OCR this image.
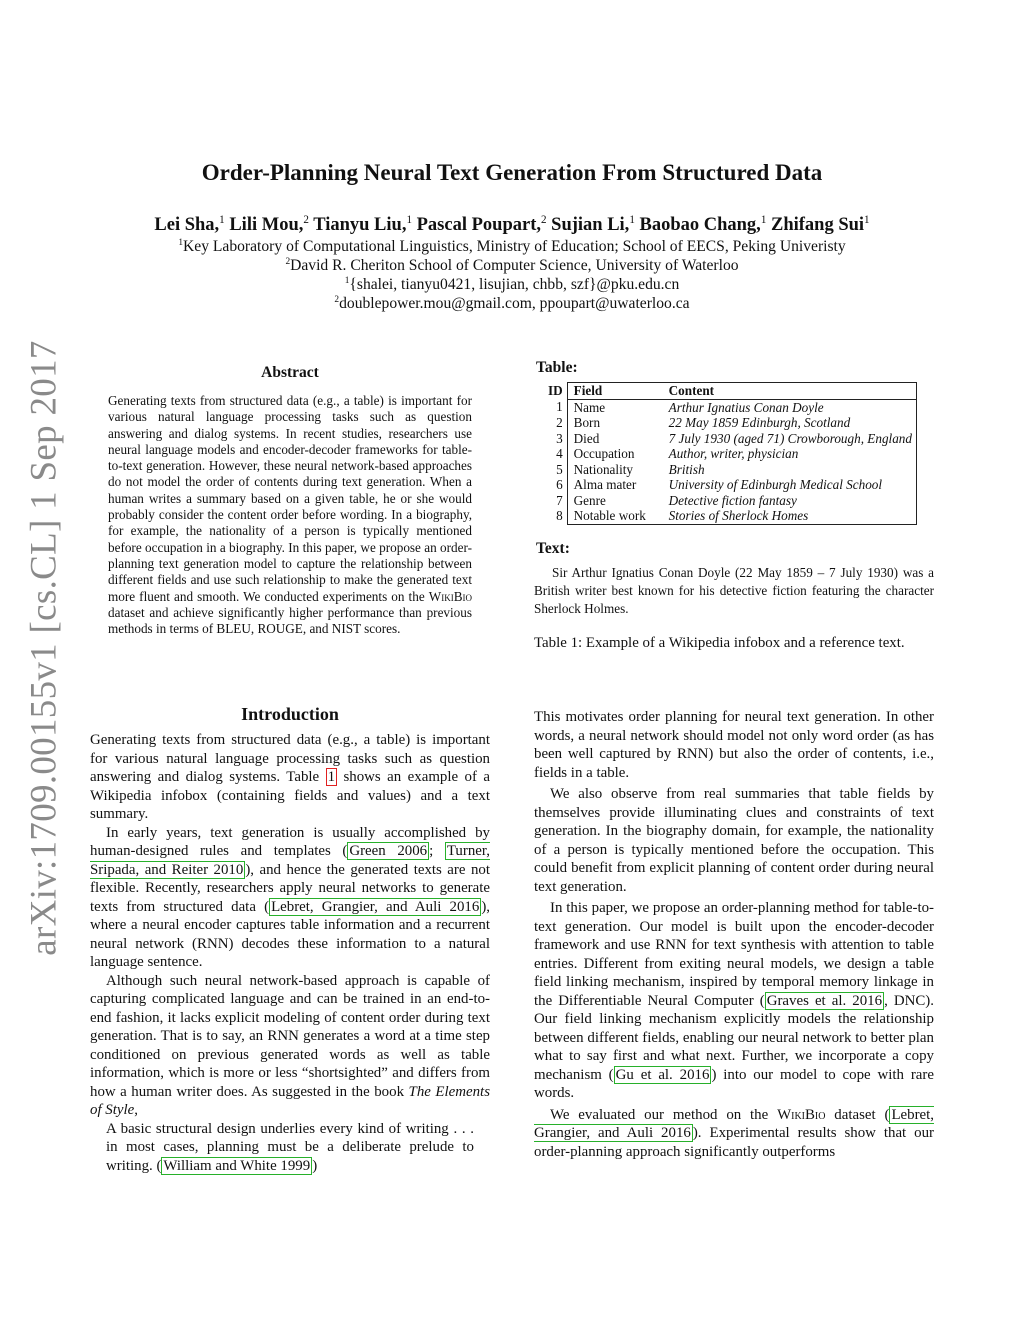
arXiv:1709.00155v1 [cs.CL] 1 Sep 2017
Order-Planning Neural Text Generation From Structured Data
Lei Sha,$^1$ Lili Mou,$^2$ Tianyu Liu,$^1$ Pascal Poupart,$^2$ Sujian Li,$^1$ Baobao Chang,$^1$ Zhifang Sui$^1$
$^1$Key Laboratory of Computational Linguistics, Ministry of Education; School of EECS, Peking Univeristy
$^2$David R. Cheriton School of Computer Science, University of Waterloo
$^1${shalei, tianyu0421, lisujian, chbb, szf}@pku.edu.cn
$^2$doublepower.mou@gmail.com, ppoupart@uwaterloo.ca
Abstract
Generating texts from structured data (e.g., a table) is important for various natural language processing tasks such as question answering and dialog systems. In recent studies, researchers use neural language models and encoder-decoder frameworks for table-to-text generation. However, these neural network-based approaches do not model the order of contents during text generation. When a human writes a summary based on a given table, he or she would probably consider the content order before wording. In a biography, for example, the nationality of a person is typically mentioned before occupation in a biography. In this paper, we propose an order-planning text generation model to capture the relationship between different fields and use such relationship to make the generated text more fluent and smooth. We conducted experiments on the WikiBio dataset and achieve significantly higher performance than previous methods in terms of BLEU, ROUGE, and NIST scores.
Introduction

Generating texts from structured data (e.g., a table) is important for various natural language processing tasks such as question answering and dialog systems. Table 1 shows an example of a Wikipedia infobox (containing fields and values) and a text summary.

In early years, text generation is usually accomplished by human-designed rules and templates ( Green 2006 ; Turner, Sripada, and Reiter 2010 ), and hence the generated texts are not flexible. Recently, researchers apply neural networks to generate texts from structured data ( Lebret, Grangier, and Auli 2016 ), where a neural encoder captures table information and a recurrent neural network (RNN) decodes these information to a natural language sentence.

Although such neural network-based approach is capable of capturing complicated language and can be trained in an end-to-end fashion, it lacks explicit modeling of content order during text generation. That is to say, an RNN generates a word at a time step conditioned on previous generated words as well as table information, which is more or less “shortsighted” and differs from how a human writer does. As suggested in the book The Elements of Style,

A basic structural design underlies every kind of writing . . . in most cases, planning must be a deliberate prelude to writing. ( William and White 1999 )

Table:
ID	Field	Content
1	Name	Arthur Ignatius Conan Doyle
2	Born	22 May 1859 Edinburgh, Scotland
3	Died	7 July 1930 (aged 71) Crowborough, England
4	Occupation	Author, writer, physician
5	Nationality	British
6	Alma mater	University of Edinburgh Medical School
7	Genre	Detective fiction fantasy
8	Notable work	Stories of Sherlock Homes
Text:
Sir Arthur Ignatius Conan Doyle (22 May 1859 – 7 July 1930) was a British writer best known for his detective fiction featuring the character Sherlock Holmes.
Table 1: Example of a Wikipedia infobox and a reference text.

This motivates order planning for neural text generation. In other words, a neural network should model not only word order (as has been well captured by RNN) but also the order of contents, i.e., fields in a table.

We also observe from real summaries that table fields by themselves provide illuminating clues and constraints of text generation. In the biography domain, for example, the nationality of a person is typically mentioned before the occupation. This could benefit from explicit planning of content order during neural text generation.

In this paper, we propose an order-planning method for table-to-text generation. Our model is built upon the encoder-decoder framework and use RNN for text synthesis with attention to table entries. Different from exiting neural models, we design a table field linking mechanism, inspired by temporal memory linkage in the Differentiable Neural Computer ( Graves et al. 2016 , DNC). Our field linking mechanism explicitly models the relationship between different fields, enabling our neural network to better plan what to say first and what next. Further, we incorporate a copy mechanism ( Gu et al. 2016 ) into our model to cope with rare words.

We evaluated our method on the WikiBio dataset ( Lebret, Grangier, and Auli 2016 ). Experimental results show that our order-planning approach significantly outperforms
